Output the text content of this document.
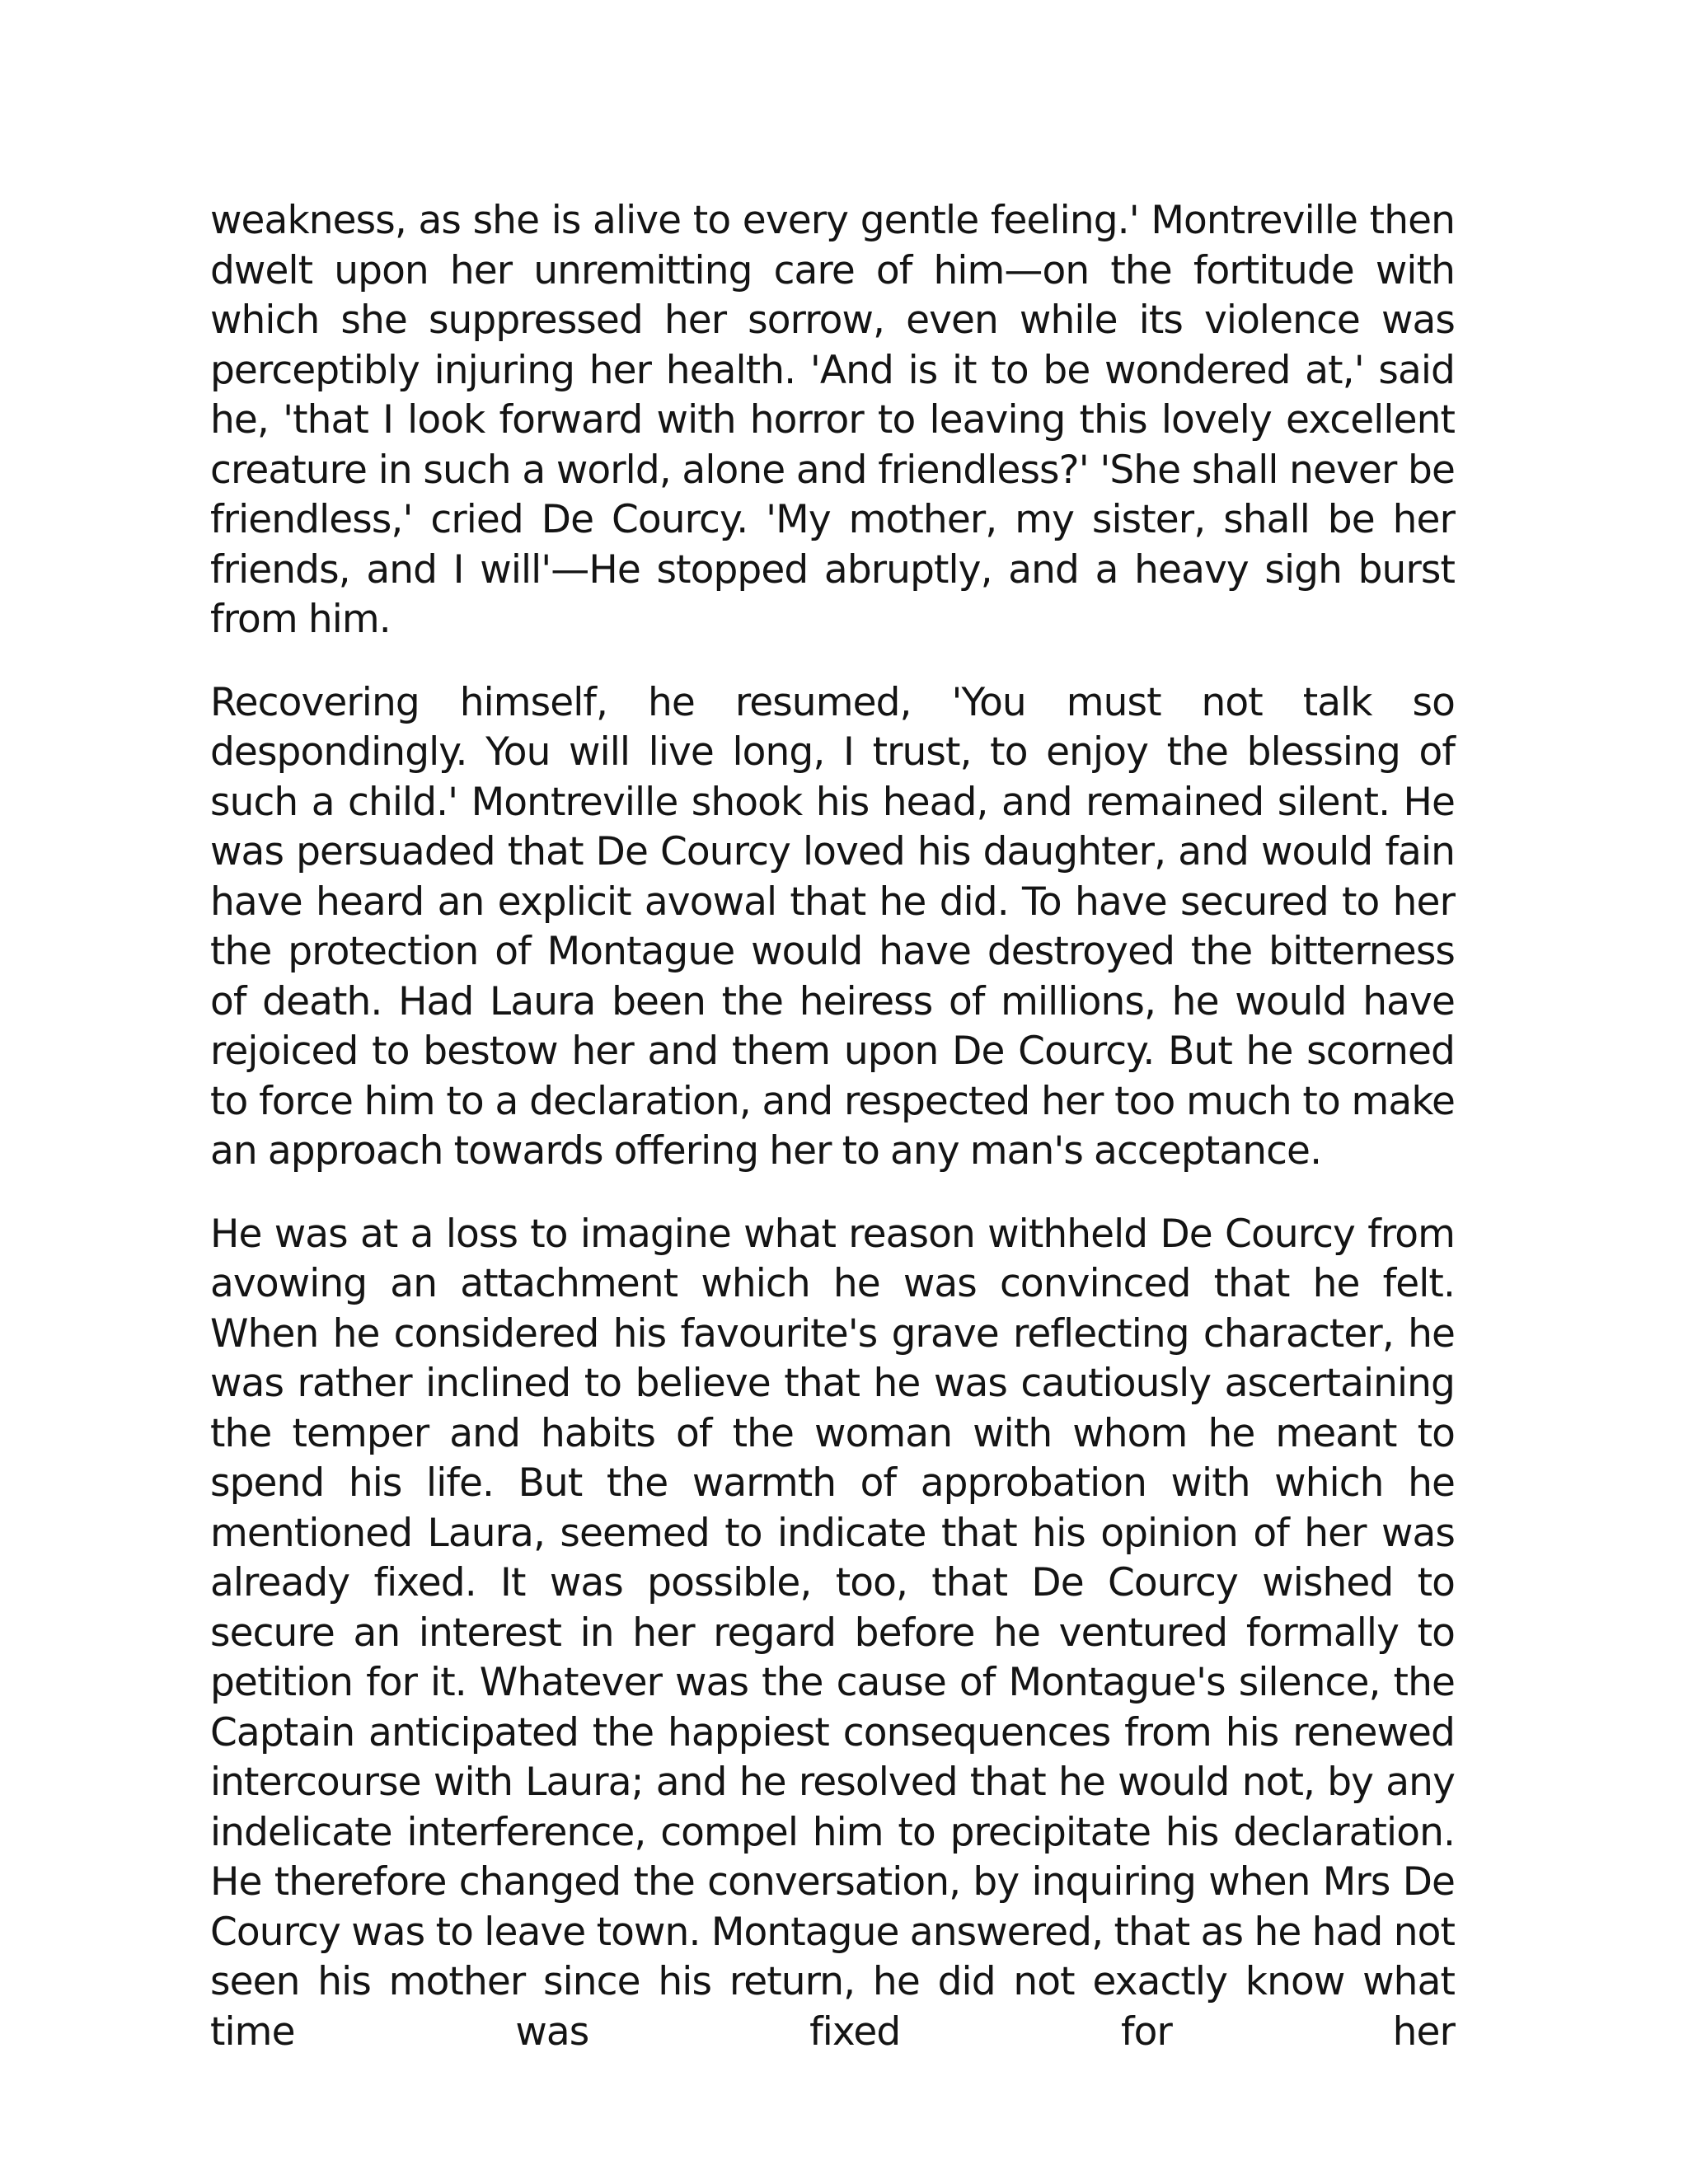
weakness, as she is alive to every gentle feeling.' Montreville then dwelt upon her unremitting care of him—on the fortitude with which she suppressed her sorrow, even while its violence was perceptibly injuring her health. 'And is it to be wondered at,' said he, 'that I look forward with horror to leaving this lovely excellent creature in such a world, alone and friendless?' 'She shall never be friendless,' cried De Courcy. 'My mother, my sister, shall be her friends, and I will'—He stopped abruptly, and a heavy sigh burst from him.

Recovering himself, he resumed, 'You must not talk so despondingly. You will live long, I trust, to enjoy the blessing of such a child.' Montreville shook his head, and remained silent. He was persuaded that De Courcy loved his daughter, and would fain have heard an explicit avowal that he did. To have secured to her the protection of Montague would have destroyed the bitterness of death. Had Laura been the heiress of millions, he would have rejoiced to bestow her and them upon De Courcy. But he scorned to force him to a declaration, and respected her too much to make an approach towards offering her to any man's acceptance.

He was at a loss to imagine what reason withheld De Courcy from avowing an attachment which he was convinced that he felt. When he considered his favourite's grave reflecting character, he was rather inclined to believe that he was cautiously ascertaining the temper and habits of the woman with whom he meant to spend his life. But the warmth of approbation with which he mentioned Laura, seemed to indicate that his opinion of her was already fixed. It was possible, too, that De Courcy wished to secure an interest in her regard before he ventured formally to petition for it. Whatever was the cause of Montague's silence, the Captain anticipated the happiest consequences from his renewed intercourse with Laura; and he resolved that he would not, by any indelicate interference, compel him to precipitate his declaration. He therefore changed the conversation, by inquiring when Mrs De Courcy was to leave town. Montague answered, that as he had not seen his mother since his return, he did not exactly know what time was fixed for her
